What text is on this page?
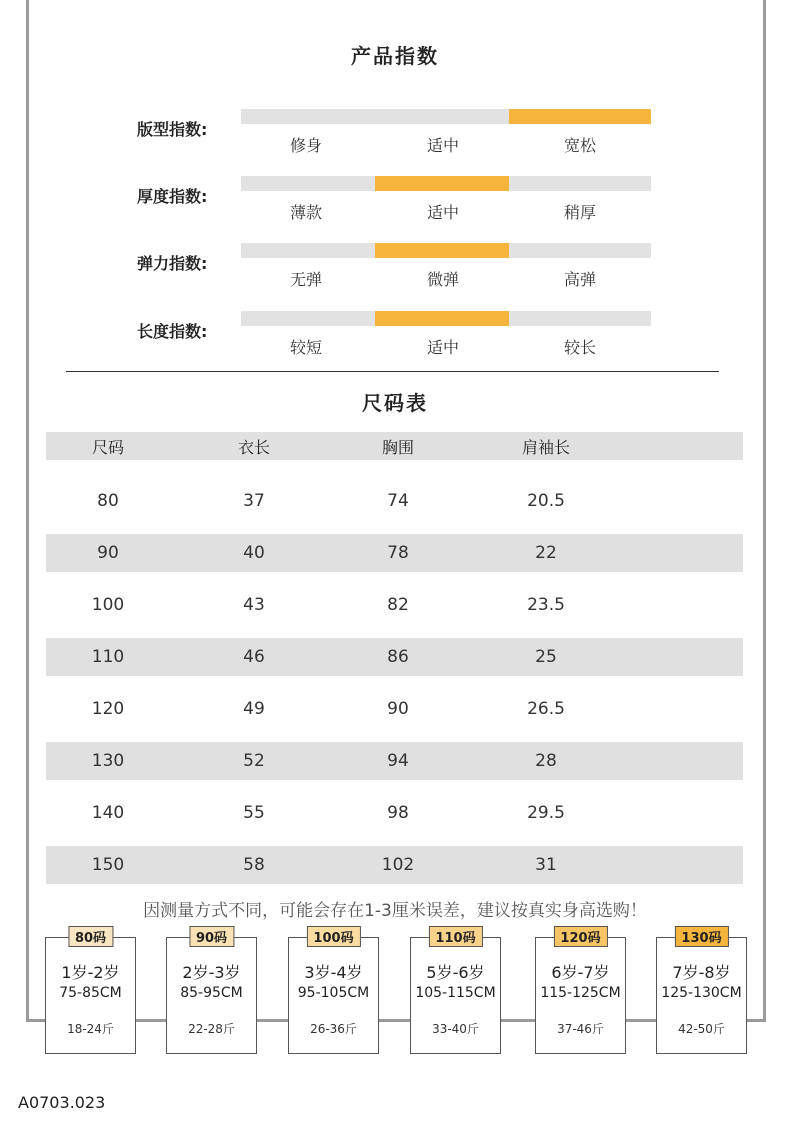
产品指数
版型指数:
修身	适中	宽松
厚度指数:
薄款	适中	稍厚
弹力指数:
无弹	微弹	高弹
长度指数:
较短	适中	较长
尺码表
尺码	衣长	胸围	肩袖长
80	37	74	20.5
90	40	78	22
100	43	82	23.5
110	46	86	25
120	49	90	26.5
130	52	94	28
140	55	98	29.5
150	58	102	31
因测量方式不同，可能会存在1-3厘米误差，建议按真实身高选购！
80码
1岁-2岁
75-85CM
18-24斤
90码
2岁-3岁
85-95CM
22-28斤
100码
3岁-4岁
95-105CM
26-36斤
110码
5岁-6岁
105-115CM
33-40斤
120码
6岁-7岁
115-125CM
37-46斤
130码
7岁-8岁
125-130CM
42-50斤
A0703.023
